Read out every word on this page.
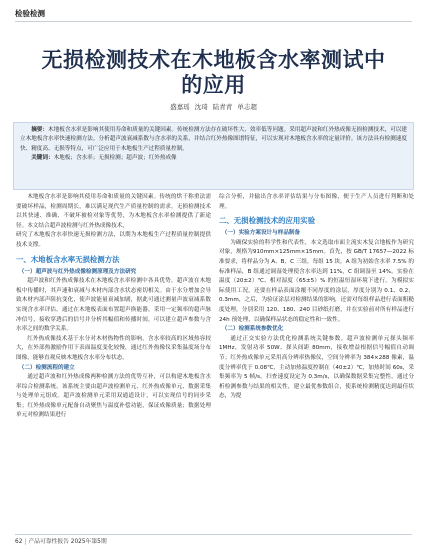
检验检测
无损检测技术在木地板含水率测试中
的应用
盛嘉瑶 沈琦 陆青青 单志超

摘要：木地板含水率是影响其使用寿命和质量的关键因素。传统检测方法存在破坏性大、效率低等问题。采用超声波和红外热成像无损检测技术，可以建立木地板含水率快速检测方法。分析超声波衰减系数与含水率的关系，并结合红外热像图谱特征，可以实现对木地板含水率的定量评价。该方法具有检测速度快、精度高、无损等特点，可广泛应用于木地板生产过程质量控制。

关键词：木地板；含水率；无损检测；超声波；红外热成像

木地板含水率是影响其使用寿命和质量的关键因素。传统的烘干称重法需要破坏样品，检测周期长，难以满足现代生产质量控制的需求。无损检测技术以其快速、准确、不破坏被检对象等优势，为木地板含水率检测提供了新途径。本文结合超声波检测与红外热成像技术，

研究了木地板含水率快速无损检测方法，以期为木地板生产过程质量控制提供技术支撑。

一、木地板含水率无损检测方法

（一）超声波与红外热成像检测原理及方法研究

超声波和红外热成像技术在木地板含水率检测中各具优势。超声波在木地板中传播时，其声速和衰减与木材内部含水状态密切相关。由于水分增加会导致木材内部声阻抗变化，使声波能量衰减加剧，据此可通过测量声波衰减系数实现含水率评估。通过在木地板表面布置超声换能器，采用一定频率的超声脉冲信号，接收穿透后的信号并分析其幅值和传播时间，可以建立超声参数与含水率之间的数学关系。

红外热成像技术基于水分对木材热物性的影响，含水率较高的区域热容较大，在外部热激励作用下表面温度变化较慢，通过红外热像仪采集温度场分布图像，能够直观反映木地板含水率分布状态。

（二）检测流程的建立

通过超声波和红外热成像两种检测方法的优势互补，可以构建木地板含水率综合检测系统。该系统主要由超声波检测单元、红外热成像单元、数据采集与处理单元组成。超声波检测单元采用双通道设计，可以实现信号的同步采集；红外热成像单元配备自动聚焦与温度补偿功能，保证成像质量；数据处理单元对检测结果进行

综合分析，并输出含水率评估结果与分布图像，便于生产人员进行判断和处理。

二、无损检测技术的应用实验

（一）实验方案设计与样品制备

为确保实验的科学性和代表性，本文选取市面主流实木复合地板作为研究对象，规格为910mm×125mm×15mm。首先，按 GB/T 17657—2022 标准要求，将样品分为 A、B、C 三组，每组 15 块。A 组为初始含水率 7.5% 的标准样品，B 组通过调湿处理使含水率达到 11%，C 组调湿至 14%。实验在温度（20±2）℃、相对湿度（65±5）% 的恒温恒湿环境下进行。为模拟实际使用工况，还要在样品表面涂覆不同厚度的涂层，厚度分别为 0.1、0.2、0.3mm，之后，为验证涂层对检测结果的影响，还需对每组样品进行表面粗糙度处理，分别采用 120、180、240 目砂纸打磨，并在实验前对所有样品进行 24h 预处理，以确保样品状态的稳定性和一致性。

（二）检测系统参数优化

通过正交实验方法优化检测系统关键参数。超声波检测单元探头频率 1MHz、发射功率 50W、探头间距 80mm，接收增益根据信号幅值自动调节；红外热成像单元采用高分辨率热像仪，空间分辨率为 384×288 像素，温度分辨率优于 0.08℃，主动加热温度控制在（40±2）℃，加热时间 60s，采集频率为 5 帧/s。扫查速度设定为 0.3m/s，以确保数据采集完整性，通过分析检测参数与结果的相关性，建立最优参数组合，使系统检测精度达到最佳状态，为提

62 | 产品可靠性报告 2025年第5期
